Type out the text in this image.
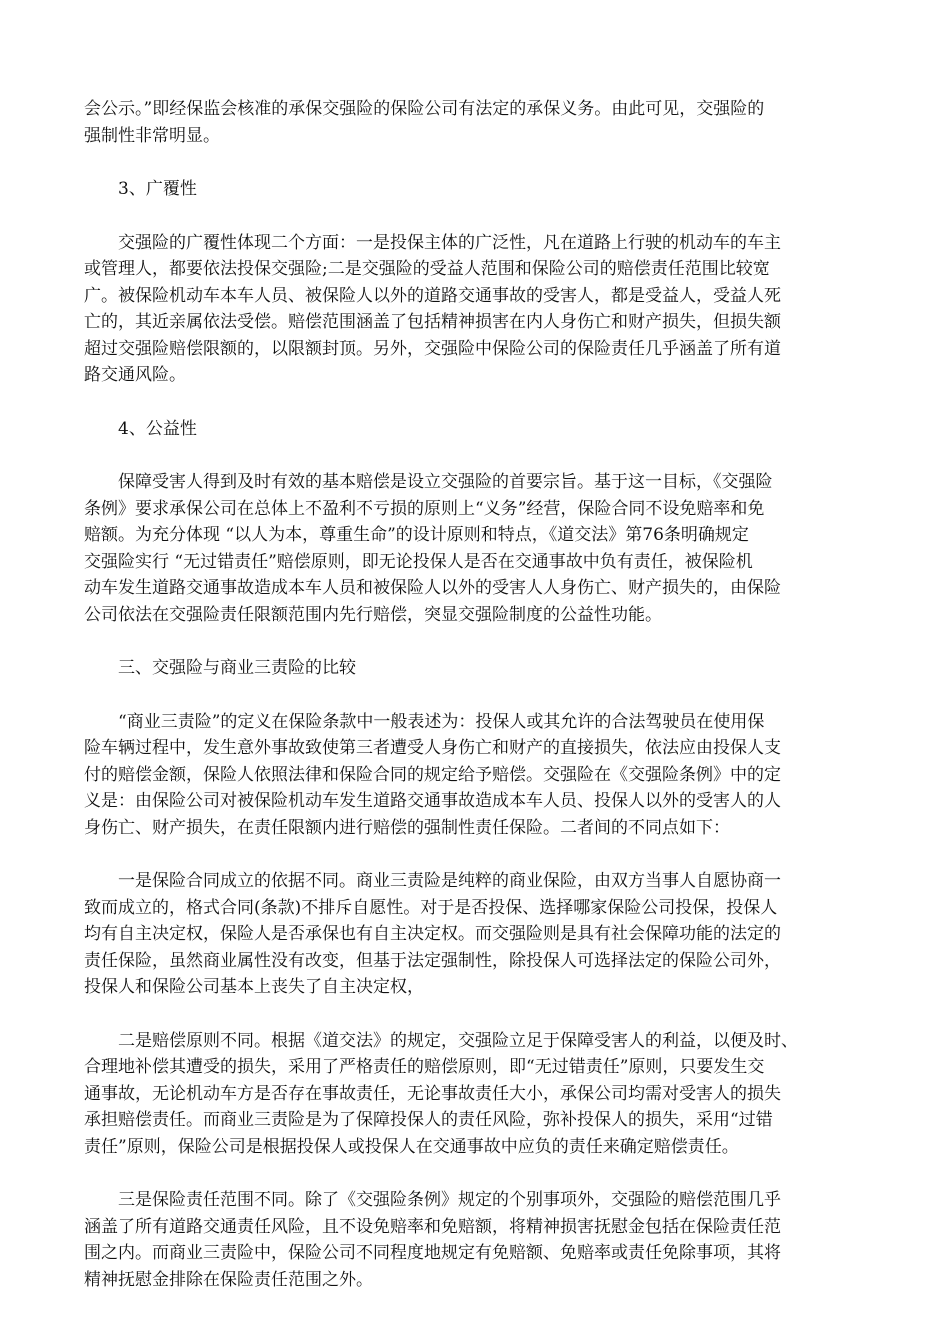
会公示。”即经保监会核准的承保交强险的保险公司有法定的承保义务。由此可见，交强险的
强制性非常明显。
3、广覆性
交强险的广覆性体现二个方面：一是投保主体的广泛性，凡在道路上行驶的机动车的车主
或管理人，都要依法投保交强险;二是交强险的受益人范围和保险公司的赔偿责任范围比较宽
广。被保险机动车本车人员、被保险人以外的道路交通事故的受害人，都是受益人，受益人死
亡的，其近亲属依法受偿。赔偿范围涵盖了包括精神损害在内人身伤亡和财产损失，但损失额
超过交强险赔偿限额的，以限额封顶。另外，交强险中保险公司的保险责任几乎涵盖了所有道
路交通风险。
4、公益性
保障受害人得到及时有效的基本赔偿是设立交强险的首要宗旨。基于这一目标，《交强险
条例》要求承保公司在总体上不盈利不亏损的原则上“义务”经营，保险合同不设免赔率和免
赔额。为充分体现 “以人为本，尊重生命”的设计原则和特点，《道交法》第76条明确规定
交强险实行 “无过错责任”赔偿原则，即无论投保人是否在交通事故中负有责任，被保险机
动车发生道路交通事故造成本车人员和被保险人以外的受害人人身伤亡、财产损失的，由保险
公司依法在交强险责任限额范围内先行赔偿，突显交强险制度的公益性功能。
三、交强险与商业三责险的比较
“商业三责险”的定义在保险条款中一般表述为：投保人或其允许的合法驾驶员在使用保
险车辆过程中，发生意外事故致使第三者遭受人身伤亡和财产的直接损失，依法应由投保人支
付的赔偿金额，保险人依照法律和保险合同的规定给予赔偿。交强险在《交强险条例》中的定
义是：由保险公司对被保险机动车发生道路交通事故造成本车人员、投保人以外的受害人的人
身伤亡、财产损失，在责任限额内进行赔偿的强制性责任保险。二者间的不同点如下：
一是保险合同成立的依据不同。商业三责险是纯粹的商业保险，由双方当事人自愿协商一
致而成立的，格式合同(条款)不排斥自愿性。对于是否投保、选择哪家保险公司投保，投保人
均有自主决定权，保险人是否承保也有自主决定权。而交强险则是具有社会保障功能的法定的
责任保险，虽然商业属性没有改变，但基于法定强制性，除投保人可选择法定的保险公司外，
投保人和保险公司基本上丧失了自主决定权，
二是赔偿原则不同。根据《道交法》的规定，交强险立足于保障受害人的利益，以便及时、
合理地补偿其遭受的损失，采用了严格责任的赔偿原则，即“无过错责任”原则，只要发生交
通事故，无论机动车方是否存在事故责任，无论事故责任大小，承保公司均需对受害人的损失
承担赔偿责任。而商业三责险是为了保障投保人的责任风险，弥补投保人的损失，采用“过错
责任”原则，保险公司是根据投保人或投保人在交通事故中应负的责任来确定赔偿责任。
三是保险责任范围不同。除了《交强险条例》规定的个别事项外，交强险的赔偿范围几乎
涵盖了所有道路交通责任风险，且不设免赔率和免赔额，将精神损害抚慰金包括在保险责任范
围之内。而商业三责险中，保险公司不同程度地规定有免赔额、免赔率或责任免除事项，其将
精神抚慰金排除在保险责任范围之外。
